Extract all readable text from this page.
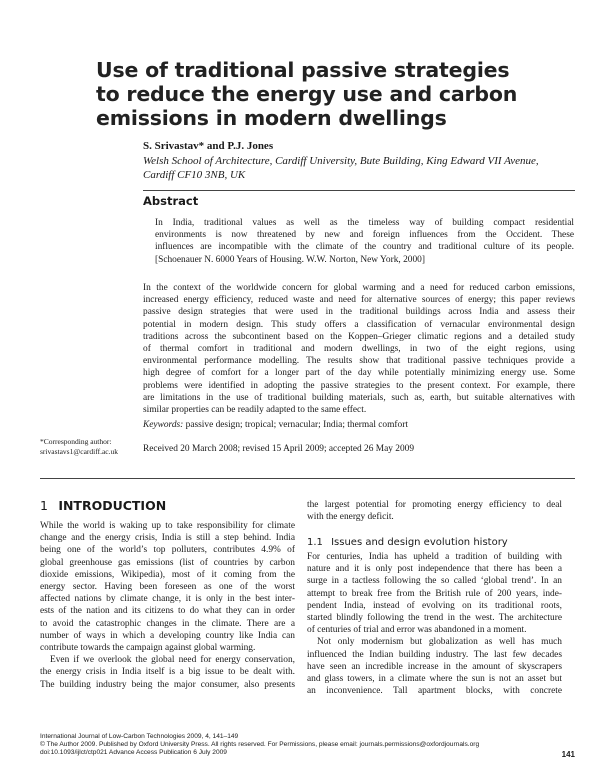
Use of traditional passive strategies
to reduce the energy use and carbon
emissions in modern dwellings
S. Srivastav* and P.J. Jones
Welsh School of Architecture, Cardiff University, Bute Building, King Edward VII Avenue,
Cardiff CF10 3NB, UK
Abstract
In India, traditional values as well as the timeless way of building compact residential
environments is now threatened by new and foreign influences from the Occident. These
influences are incompatible with the climate of the country and traditional culture of its people.
[Schoenauer N. 6000 Years of Housing. W.W. Norton, New York, 2000]
In the context of the worldwide concern for global warming and a need for reduced carbon emissions,
increased energy efficiency, reduced waste and need for alternative sources of energy; this paper reviews
passive design strategies that were used in the traditional buildings across India and assess their
potential in modern design. This study offers a classification of vernacular environmental design
traditions across the subcontinent based on the Koppen–Grieger climatic regions and a detailed study
of thermal comfort in traditional and modern dwellings, in two of the eight regions, using
environmental performance modelling. The results show that traditional passive techniques provide a
high degree of comfort for a longer part of the day while potentially minimizing energy use. Some
problems were identified in adopting the passive strategies to the present context. For example, there
are limitations in the use of traditional building materials, such as, earth, but suitable alternatives with
similar properties can be readily adapted to the same effect.
Keywords: passive design; tropical; vernacular; India; thermal comfort
*Corresponding author:
srivastavs1@cardiff.ac.uk	Received 20 March 2008; revised 15 April 2009; accepted 26 May 2009
1 INTRODUCTION
While the world is waking up to take responsibility for climate
change and the energy crisis, India is still a step behind. India
being one of the world’s top polluters, contributes 4.9% of
global greenhouse gas emissions (list of countries by carbon
dioxide emissions, Wikipedia), most of it coming from the
energy sector. Having been foreseen as one of the worst
affected nations by climate change, it is only in the best inter-
ests of the nation and its citizens to do what they can in order
to avoid the catastrophic changes in the climate. There are a
number of ways in which a developing country like India can
contribute towards the campaign against global warming.
Even if we overlook the global need for energy conservation,
the energy crisis in India itself is a big issue to be dealt with.
The building industry being the major consumer, also presents
the largest potential for promoting energy efficiency to deal
with the energy deficit.
1.1 Issues and design evolution history
For centuries, India has upheld a tradition of building with
nature and it is only post independence that there has been a
surge in a tactless following the so called ‘global trend’. In an
attempt to break free from the British rule of 200 years, inde-
pendent India, instead of evolving on its traditional roots,
started blindly following the trend in the west. The architecture
of centuries of trial and error was abandoned in a moment.
Not only modernism but globalization as well has much
influenced the Indian building industry. The last few decades
have seen an incredible increase in the amount of skyscrapers
and glass towers, in a climate where the sun is not an asset but
an inconvenience. Tall apartment blocks, with concrete
International Journal of Low-Carbon Technologies 2009, 4, 141–149
© The Author 2009. Published by Oxford University Press. All rights reserved. For Permissions, please email: journals.permissions@oxfordjournals.org
doi:10.1093/ijlct/ctp021 Advance Access Publication 6 July 2009	141
